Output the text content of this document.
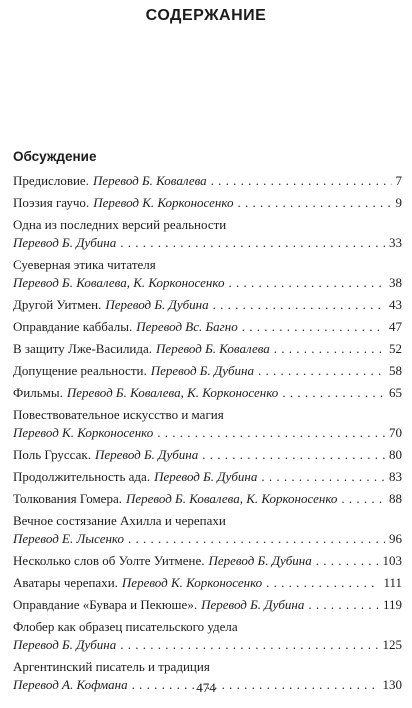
СОДЕРЖАНИЕ
Обсуждение
Предисловие. Перевод Б. Ковалева . . .	7
Поэзия гаучо. Перевод К. Корконосенко . . .	9
Одна из последних версий реальности
Перевод Б. Дубина . . .	33
Суеверная этика читателя
Перевод Б. Ковалева, К. Корконосенко . . .	38
Другой Уитмен. Перевод Б. Дубина . . .	43
Оправдание каббалы. Перевод Вс. Багно . . .	47
В защиту Лже-Василида. Перевод Б. Ковалева . . .	52
Допущение реальности. Перевод Б. Дубина . . .	58
Фильмы. Перевод Б. Ковалева, К. Корконосенко . . .	65
Повествовательное искусство и магия
Перевод К. Корконосенко . . .	70
Поль Груссак. Перевод Б. Дубина . . .	80
Продолжительность ада. Перевод Б. Дубина . . .	83
Толкования Гомера. Перевод Б. Ковалева, К. Корконосенко . . .	88
Вечное состязание Ахилла и черепахи
Перевод Е. Лысенко . . .	96
Несколько слов об Уолте Уитмене. Перевод Б. Дубина . . .	103
Аватары черепахи. Перевод К. Корконосенко . . .	111
Оправдание «Бувара и Пекюше». Перевод Б. Дубина . . .	119
Флобер как образец писательского удела
Перевод Б. Дубина . . .	125
Аргентинский писатель и традиция
Перевод А. Кофмана . . .	130
474
